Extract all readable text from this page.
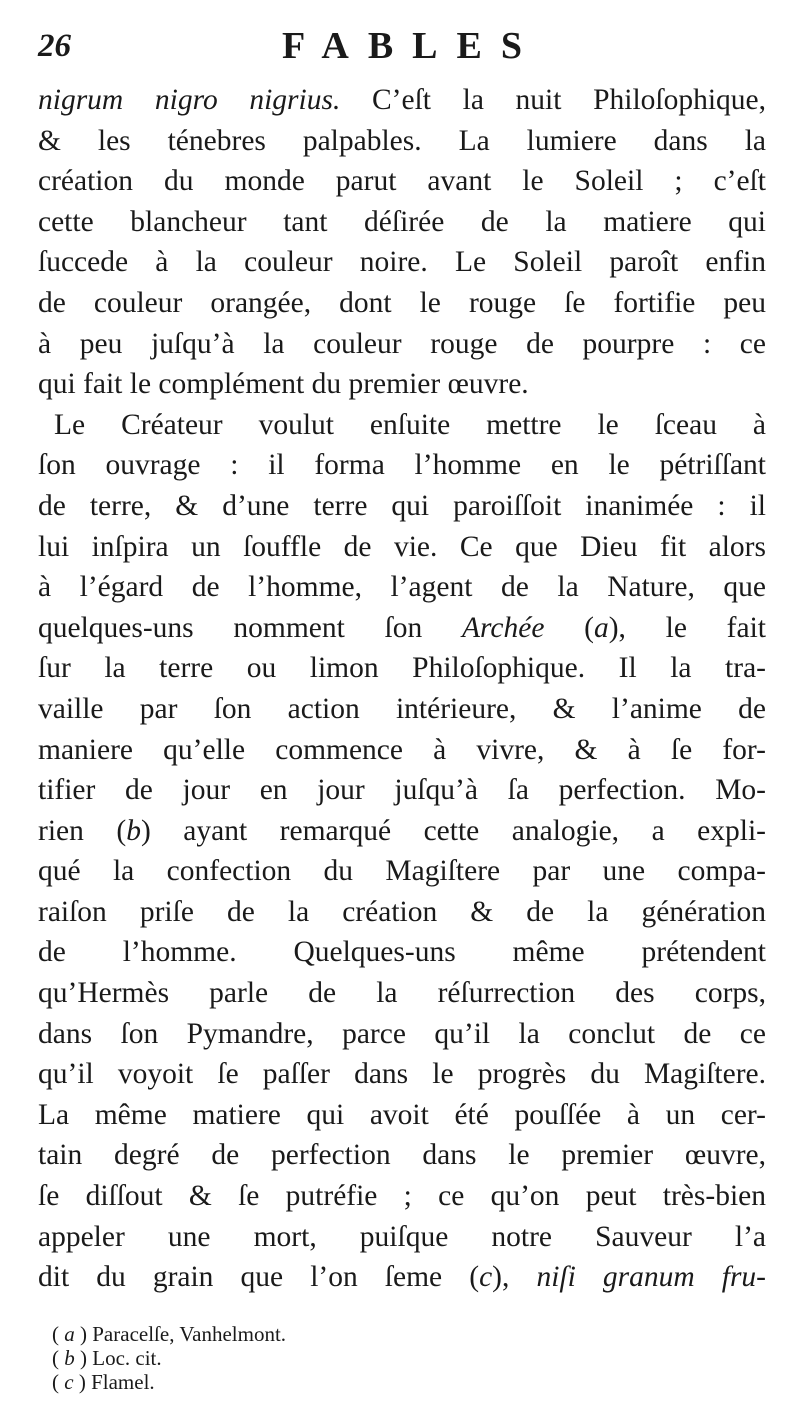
26	FABLES
nigrum nigro nigrius. C’eſt la nuit Philoſophique,
& les ténebres palpables. La lumiere dans la
création du monde parut avant le Soleil ; c’eſt
cette blancheur tant déſirée de la matiere qui
ſuccede à la couleur noire. Le Soleil paroît enfin
de couleur orangée, dont le rouge ſe fortifie peu
à peu juſqu’à la couleur rouge de pourpre : ce
qui fait le complément du premier œuvre.
Le Créateur voulut enſuite mettre le ſceau à
ſon ouvrage : il forma l’homme en le pétriſſant
de terre, & d’une terre qui paroiſſoit inanimée : il
lui inſpira un ſouffle de vie. Ce que Dieu fit alors
à l’égard de l’homme, l’agent de la Nature, que
quelques-uns nomment ſon Archée (a), le fait
ſur la terre ou limon Philoſophique. Il la tra-
vaille par ſon action intérieure, & l’anime de
maniere qu’elle commence à vivre, & à ſe for-
tifier de jour en jour juſqu’à ſa perfection. Mo-
rien (b) ayant remarqué cette analogie, a expli-
qué la confection du Magiſtere par une compa-
raiſon priſe de la création & de la génération
de l’homme. Quelques-uns même prétendent
qu’Hermès parle de la réſurrection des corps,
dans ſon Pymandre, parce qu’il la conclut de ce
qu’il voyoit ſe paſſer dans le progrès du Magiſtere.
La même matiere qui avoit été pouſſée à un cer-
tain degré de perfection dans le premier œuvre,
ſe diſſout & ſe putréfie ; ce qu’on peut très-bien
appeler une mort, puiſque notre Sauveur l’a
dit du grain que l’on ſeme (c), niſi granum fru-
( a ) Paracelſe, Vanhelmont.
( b ) Loc. cit.
( c ) Flamel.
